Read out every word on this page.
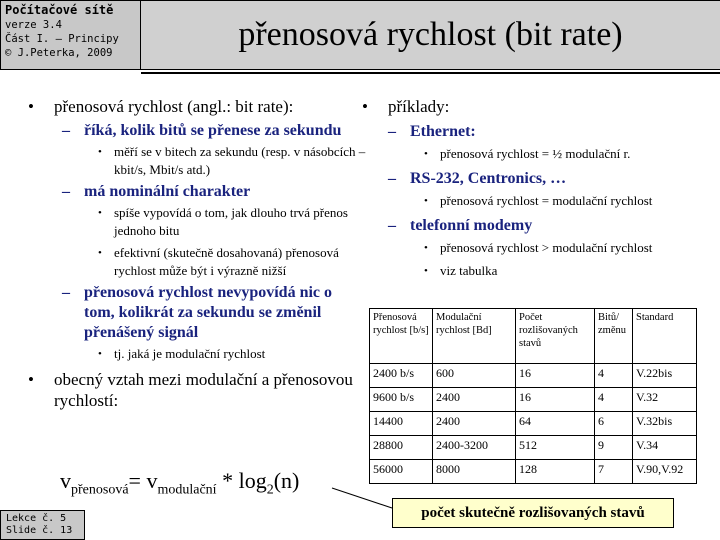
Počítačové sítě
verze 3.4
Část I. – Principy
© J.Peterka, 2009	přenosová rychlost (bit rate)
• přenosová rychlost (angl.: bit rate):
– říká, kolik bitů se přenese za sekundu
• měří se v bitech za sekundu (resp. v násobcích – kbit/s, Mbit/s atd.)
– má nominální charakter
• spíše vypovídá o tom, jak dlouho trvá přenos jednoho bitu
• efektivní (skutečně dosahovaná) přenosová rychlost může být i výrazně nižší
– přenosová rychlost nevypovídá nic o tom, kolikrát za sekundu se změnil přenášený signál
• tj. jaká je modulační rychlost
• obecný vztah mezi modulační a přenosovou rychlostí:
• příklady:
– Ethernet:
• přenosová rychlost = ½ modulační r.
– RS-232, Centronics, …
• přenosová rychlost = modulační rychlost
– telefonní modemy
• přenosová rychlost > modulační rychlost
• viz tabulka
Přenosová rychlost [b/s]	Modulační rychlost [Bd]	Počet rozlišovaných stavů	Bitů/ změnu	Standard
2400 b/s	600	16	4	V.22bis
9600 b/s	2400	16	4	V.32
14400	2400	64	6	V.32bis
28800	2400-3200	512	9	V.34
56000	8000	128	7	V.90,V.92
$v_{přenosová}= v_{modulační} * \log_2(n)$
počet skutečně rozlišovaných stavů
Lekce č. 5
Slide č. 13
